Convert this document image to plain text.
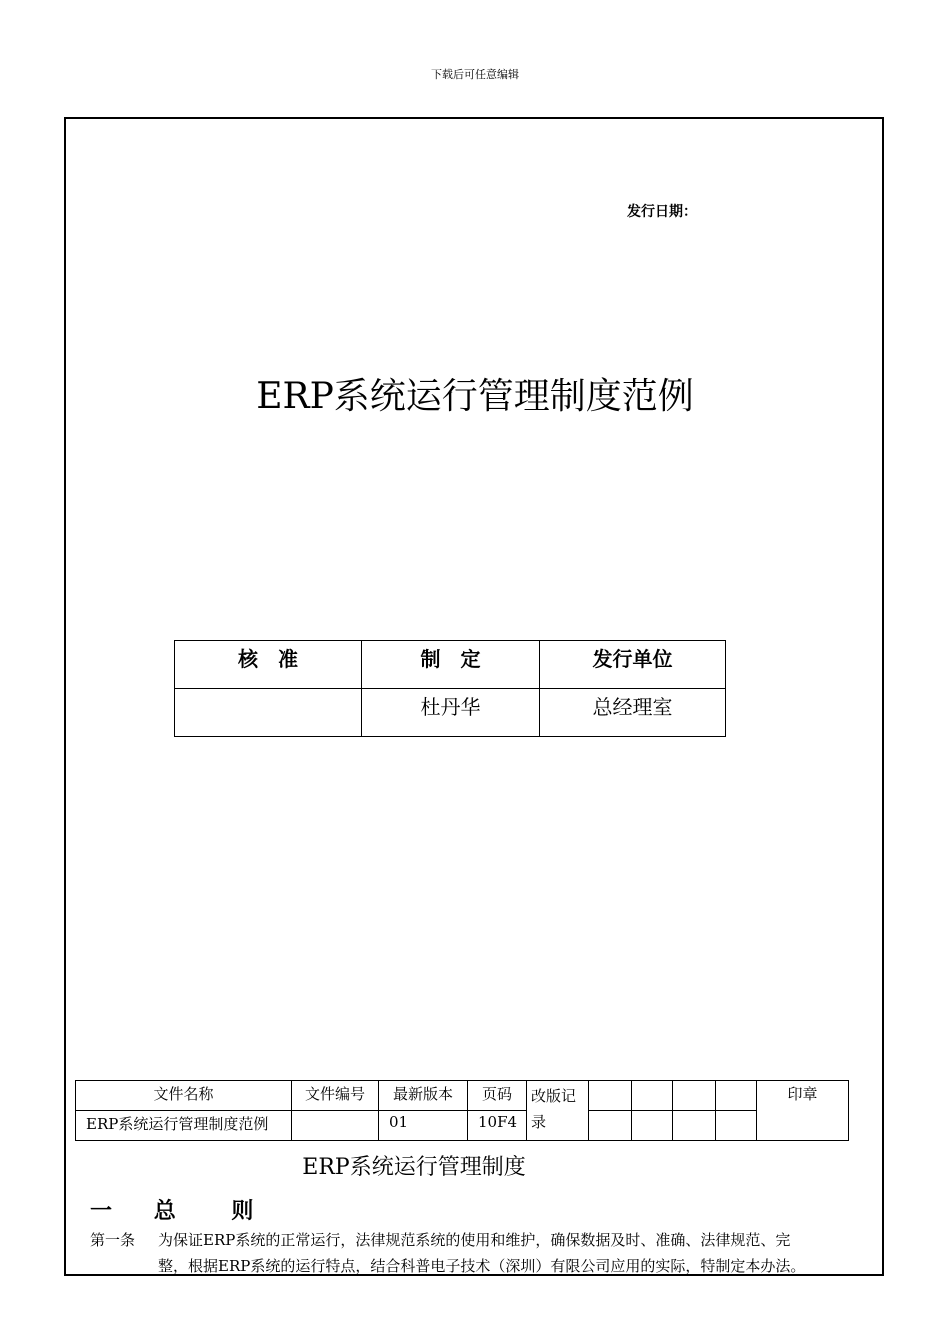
下载后可任意编辑
发行日期：
ERP系统运行管理制度范例
核　准	制　定	发行单位
	杜丹华	总经理室
文件名称	文件编号	最新版本	页码	改版记录					印章
ERP系统运行管理制度范例		01	10F4						
ERP系统运行管理制度
一 总	则
第一条 为保证ERP系统的正常运行，法律规范系统的使用和维护，确保数据及时、准确、法律规范、完
整，根据ERP系统的运行特点，结合科普电子技术（深圳）有限公司应用的实际，特制定本办法。
